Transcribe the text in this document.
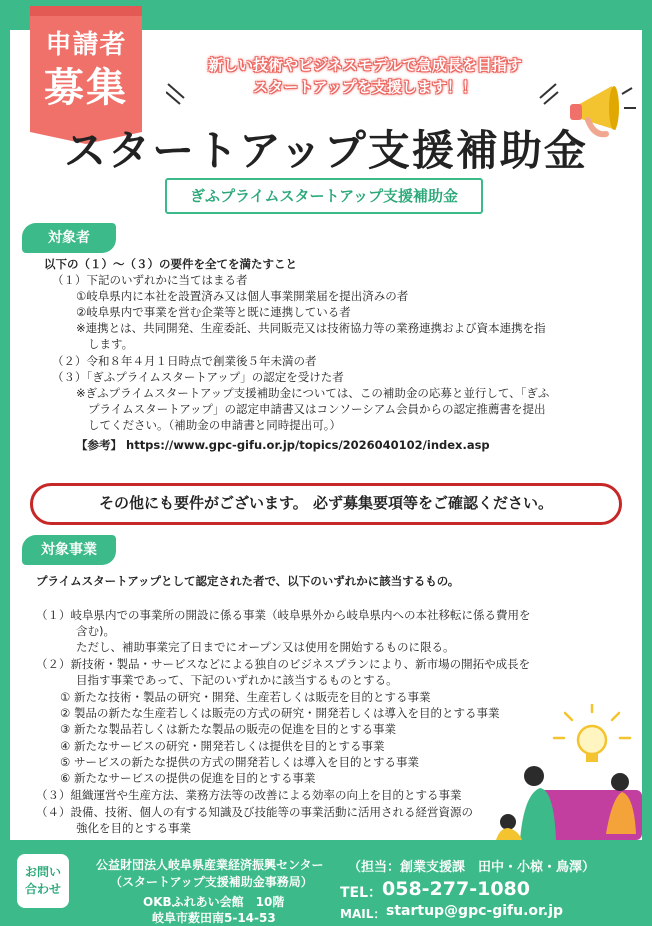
申請者
募集	新しい技術やビジネスモデルで急成長を目指す
スタートアップを支援します！！
スタートアップ支援補助金
ぎふプライムスタートアップ支援補助金
対象者
以下の（１）～（３）の要件を全てを満たすこと
（１）下記のいずれかに当てはまる者
①岐阜県内に本社を設置済み又は個人事業開業届を提出済みの者
②岐阜県内で事業を営む企業等と既に連携している者
※連携とは、共同開発、生産委託、共同販売又は技術協力等の業務連携および資本連携を指
します。
（２）令和８年４月１日時点で創業後５年未満の者
（３）「ぎふプライムスタートアップ」の認定を受けた者
※ぎふプライムスタートアップ支援補助金については、この補助金の応募と並行して、「ぎふ
プライムスタートアップ」の認定申請書又はコンソーシアム会員からの認定推薦書を提出
してください。（補助金の申請書と同時提出可。）
【参考】 https://www.gpc-gifu.or.jp/topics/2026040102/index.asp
その他にも要件がございます。 必ず募集要項等をご確認ください。
対象事業
プライムスタートアップとして認定された者で、以下のいずれかに該当するもの。
（１）岐阜県内での事業所の開設に係る事業（岐阜県外から岐阜県内への本社移転に係る費用を
含む)。
ただし、補助事業完了日までにオープン又は使用を開始するものに限る。
（２）新技術・製品・サービスなどによる独自のビジネスプランにより、新市場の開拓や成長を
目指す事業であって、下記のいずれかに該当するものとする。
① 新たな技術・製品の研究・開発、生産若しくは販売を目的とする事業
② 製品の新たな生産若しくは販売の方式の研究・開発若しくは導入を目的とする事業
③ 新たな製品若しくは新たな製品の販売の促進を目的とする事業
④ 新たなサービスの研究・開発若しくは提供を目的とする事業
⑤ サービスの新たな提供の方式の開発若しくは導入を目的とする事業
⑥ 新たなサービスの提供の促進を目的とする事業
（３）組織運営や生産方法、業務方法等の改善による効率の向上を目的とする事業
（４）設備、技術、個人の有する知識及び技能等の事業活動に活用される経営資源の
強化を目的とする事業
お問い
合わせ
公益財団法人岐阜県産業経済振興センター
（スタートアップ支援補助金事務局）
OKBふれあい会館　10階
岐阜市薮田南5-14-53
（担当：創業支援課　田中・小椋・鳥澤）
TEL： 058-277-1080
MAIL： startup@gpc-gifu.or.jp
